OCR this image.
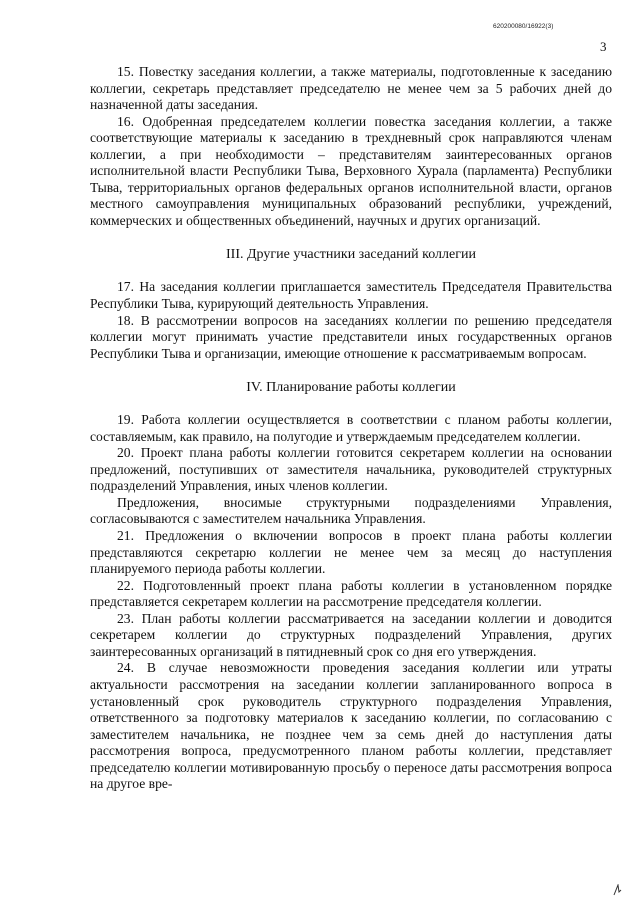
620200080/16922(3)
3

15. Повестку заседания коллегии, а также материалы, подготовленные к заседанию коллегии, секретарь представляет председателю не менее чем за 5 рабочих дней до назначенной даты заседания.

16. Одобренная председателем коллегии повестка заседания коллегии, а также соответствующие материалы к заседанию в трехдневный срок направляются членам коллегии, а при необходимости – представителям заинтересованных органов исполнительной власти Республики Тыва, Верховного Хурала (парламента) Республики Тыва, территориальных органов федеральных органов исполнительной власти, органов местного самоуправления муниципальных образований республики, учреждений, коммерческих и общественных объединений, научных и других организаций.

III. Другие участники заседаний коллегии

17. На заседания коллегии приглашается заместитель Председателя Правительства Республики Тыва, курирующий деятельность Управления.

18. В рассмотрении вопросов на заседаниях коллегии по решению председателя коллегии могут принимать участие представители иных государственных органов Республики Тыва и организации, имеющие отношение к рассматриваемым вопросам.

IV. Планирование работы коллегии

19. Работа коллегии осуществляется в соответствии с планом работы коллегии, составляемым, как правило, на полугодие и утверждаемым председателем коллегии.

20. Проект плана работы коллегии готовится секретарем коллегии на основании предложений, поступивших от заместителя начальника, руководителей структурных подразделений Управления, иных членов коллегии.

Предложения, вносимые структурными подразделениями Управления, согласовываются с заместителем начальника Управления.

21. Предложения о включении вопросов в проект плана работы коллегии представляются секретарю коллегии не менее чем за месяц до наступления планируемого периода работы коллегии.

22. Подготовленный проект плана работы коллегии в установленном порядке представляется секретарем коллегии на рассмотрение председателя коллегии.

23. План работы коллегии рассматривается на заседании коллегии и доводится секретарем коллегии до структурных подразделений Управления, других заинтересованных организаций в пятидневный срок со дня его утверждения.

24. В случае невозможности проведения заседания коллегии или утраты актуальности рассмотрения на заседании коллегии запланированного вопроса в установленный срок руководитель структурного подразделения Управления, ответственного за подготовку материалов к заседанию коллегии, по согласованию с заместителем начальника, не позднее чем за семь дней до наступления даты рассмотрения вопроса, предусмотренного планом работы коллегии, представляет председателю коллегии мотивированную просьбу о переносе даты рассмотрения вопроса на другое вре-
